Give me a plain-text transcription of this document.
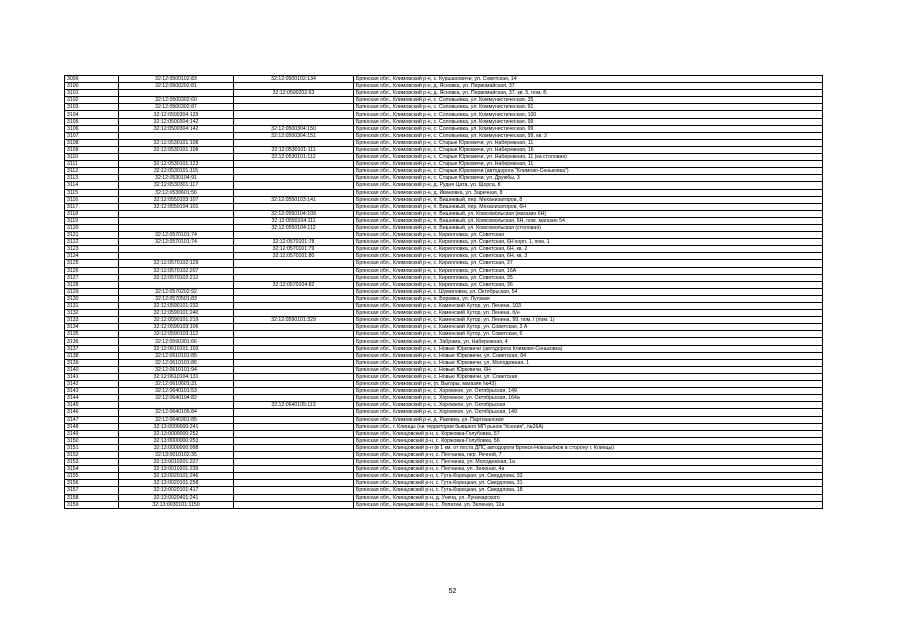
3099	32:12:0500102:83	32:12:0500102:134	Брянская обл., Климовский р-н, с. Куршановичи, ул. Советская, 14
3100	32:12:0500202:81		Брянская обл., Климовский р-н, д. Ясновка, ул. Первомайская, 37
3101		32:12:0500202:63	Брянская обл., Климовский р-н, д. Ясновка, ул. Первомайская, 37, кв. 5, пом. Б
3102	32:12:0500302:60		Брянская обл., Климовский р-н, с. Соловьевка, ул. Коммунистическая, 35
3103	32:12:0500302:87		Брянская обл., Климовский р-н, с. Соловьевка, ул. Коммунистическая, 91
3104	32:12:0500304:129		Брянская обл., Климовский р-н, с. Соловьевка, ул. Коммунистическая, 100
3105	32:12:0500304:142		Брянская обл., Климовский р-н, с. Соловьевка, ул. Коммунистическая, 99
3106	32:12:0500304:142	32:12:0500304:150	Брянская обл., Климовский р-н, с. Соловьевка, ул. Коммунистическая, 99
3107		32:12:0500304:151	Брянская обл., Климовский р-н, с. Соловьевка, ул. Коммунистическая, 99, кв. 2
3108	32:12:0530101:108		Брянская обл., Климовский р-н, с. Старые Юрковичи, ул. Набережная, 11
3109	32:12:0530101:108	32:12:0530101:111	Брянская обл., Климовский р-н, с. Старые Юрковичи, ул. Набережная, 16
3110		32:12:0530101:112	Брянская обл., Климовский р-н, с. Старые Юрковичи, ул. Набережная, 11 (ка столовая)
3111	32:12:0530101:123		Брянская обл., Климовский р-н, с. Старые Юрковичи, ул. Набережная, 11
3112	32:12:0530101:115		Брянская обл., Климовский р-н, с. Старые Юрковичи (автодорога "Климово-Сеньковка")
3113	32:12:0530104:91		Брянская обл., Климовский р-н, с. Старые Юрковичи, ул. Дружбы, 3
3114	32:12:0530301:117		Брянская обл., Климовский р-н, д. Рудня Цата, ул. Щорса, 8
3115	32:12:0530601:56		Брянская обл., Климовский р-н, д. Ивановка, ул. Заречная, 8
3116	32:12:0550103:107	32:12:0550103:141	Брянская обл., Климовский р-н, п. Вишневый, пер. Механизаторов, 8
3117	32:12:0550104:101		Брянская обл., Климовский р-н, п. Вишневый, пер. Механизаторов, 6Н
3118		32:12:0550104:109	Брянская обл., Климовский р-н, п. Вишневый, ул. Комсомольская (магазин 6Н)
3119		32:12:0550104:111	Брянская обл., Климовский р-н, п. Вишневый, ул. Комсомольская, 6Н, пом. магазин 54
3120		32:12:0550104:112	Брянская обл., Климовский р-н, п. Вишневый, ул. Комсомольская (столовая)
3121	32:12:0570101:74		Брянская обл., Климовский р-н, с. Кирилловка, ул. Советская
3122	32:12:0570101:74	32:12:0570101:78	Брянская обл., Климовский р-н, с. Кирилловка, ул. Советская, 6Н корп. 1, пом. 1
3123		32:12:0570101:79	Брянская обл., Климовский р-н, с. Кирилловка, ул. Советская, 6Н, кв. 2
3124		32:12:0570101:80	Брянская обл., Климовский р-н, с. Кирилловка, ул. Советская, 6Н, кв. 3
3125	32:12:0570102:129		Брянская обл., Климовский р-н, с. Кирилловка, ул. Советская, 37
3126	32:12:0570102:207		Брянская обл., Климовский р-н, с. Кирилловка, ул. Советская, 16А
3127	32:12:0570102:212		Брянская обл., Климовский р-н, с. Кирилловка, ул. Советская, 35
3128		32:12:0570104:82	Брянская обл., Климовский р-н, с. Кирилловка, ул. Советская, 36
3129	32:12:0570202:92		Брянская обл., Климовский р-н, с. Шумиловка, ул. Октябрьская, 54
3130	32:12:0570501:83		Брянская обл., Климовский р-н, п. Боровка, ул. Луговая
3131	32:12:0590101:232		Брянская обл., Климовский р-н, с. Каменский Хутор, ул. Ленина, 103
3132	32:12:0590101:240		Брянская обл., Климовский р-н, с. Каменский Хутор, ул. Ленина, б/н
3133	32:12:0590101:219	32:12:0590101:329	Брянская обл., Климовский р-н, с. Каменский Хутор, ул. Ленина, 99, пом. I (пом. 1)
3134	32:12:0590103:106		Брянская обл., Климовский р-н, с. Каменский Хутор, ул. Советская, 3 А
3135	32:12:0590103:112		Брянская обл., Климовский р-н, с. Каменский Хутор, ул. Советская, 6
3136	32:12:0590301:66		Брянская обл., Климовский р-н, п. Забрама, ул. Набережная, 4
3137	32:12:0610101:103		Брянская обл., Климовский р-н, с. Новые Юрковичи (автодорога Климово-Сеньковка)
3138	32:12:0610101:85		Брянская обл., Климовский р-н, с. Новые Юрковичи, ул. Советская, 84
3139	32:12:0610101:86		Брянская обл., Климовский р-н, с. Новые Юрковичи, ул. Молодежная, 1
3140	32:12:0610101:94		Брянская обл., Климовский р-н, с. Новые Юрковичи, 6Н
3141	32:12:0610104:131		Брянская обл., Климовский р-н, с. Новые Юрковичи, ул. Советская
3142	32:12:0610601:31		Брянская обл., Климовский р-н, (п. Выгоры, магазин №43)
3143	32:12:0640101:53		Брянская обл., Климовский р-н, с. Хоромное, ул. Октябрьская, 149
3144	32:12:0640104:82		Брянская обл., Климовский р-н, с. Хоромное, ул. Октябрьская, 164а
3145		32:12:0640105:113	Брянская обл., Климовский р-н, с. Хоромное, ул. Октябрьская
3146	32:12:0640105:84		Брянская обл., Климовский р-н, с. Хоромное, ул. Октябрьская, 149
3147	32:12:0640301:85		Брянская обл., Климовский р-н, д. Раковка, ул. Партизанская
3148	32:13:0000000:241		Брянская обл., г. Клинцы (на территории бывшего МП рынок "Ксения", №26А)
3149	32:13:0000000:252		Брянская обл., Клинцовский р-н, с. Коржовка-Голубовка, 57
3150	32:13:0000000:253		Брянская обл., Клинцовский р-н, с. Коржовка-Голубовка, 56
3151	32:13:0000000:998		Брянская обл., Клинцовский р-н (в 1 км. от поста ДПС автодороги Брянск-Новозыбков в сторону г. Клинцы)
3152	32:13:0010102:35		Брянская обл., Клинцовский р-н, с. Песчанка, пер. Речной, 7
3153	32:13:0010201:227		Брянская обл., Клинцовский р-н, с. Песчанка, ул. Молодежная, 1а
3154	32:13:0010201:239		Брянская обл., Клинцовский р-н, с. Песчанка, ул. Зеленая, 4а
3155	32:13:0020101:246		Брянская обл., Клинцовский р-н, с. Гута-Корецкая, ул. Свердлова, 33
3156	32:13:0020101:258		Брянская обл., Клинцовский р-н, с. Гута-Корецкая, ул. Свердлова, 31
3157	32:13:0020101:417		Брянская обл., Клинцовский р-н, с. Гута-Корецкая, ул. Свердлова, 18
3158	32:13:0020401:241		Брянская обл., Клинцовский р-н, д. Унеча, ул. Луначарского
3159	32:13:0030101:1150		Брянская обл., Клинцовский р-н, с. Лопатни, ул. Зеленая, 12а
52
